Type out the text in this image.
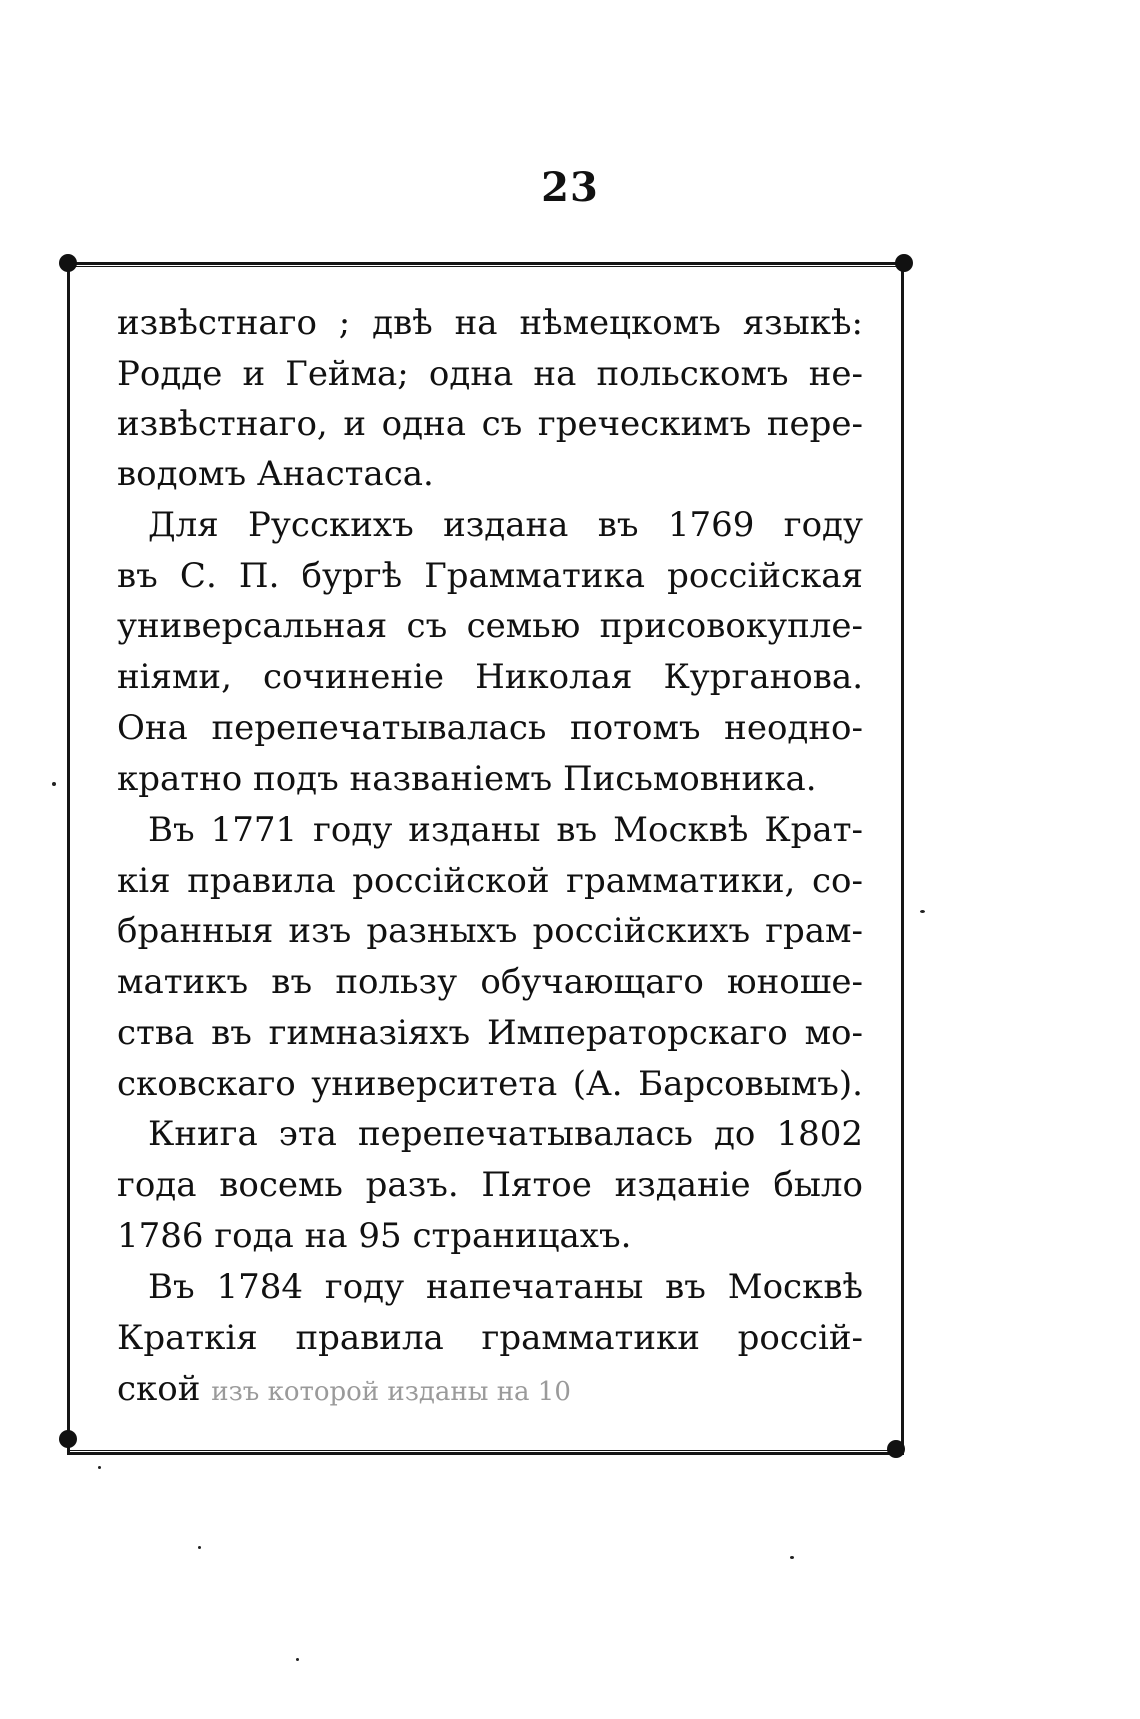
23
извѣстнаго ; двѣ на нѣмецкомъ языкѣ:
Родде и Гейма; одна на польскомъ не-
извѣстнаго, и одна съ греческимъ пере-
водомъ Анастаса.
Для Русскихъ издана въ 1769 году
въ С. П. бургѣ Грамматика россійская
универсальная съ семью присовокупле-
ніями, сочиненіе Николая Курганова.
Она перепечатывалась потомъ неодно-
кратно подъ названіемъ Письмовника.
Въ 1771 году изданы въ Москвѣ Крат-
кія правила россійской грамматики, со-
бранныя изъ разныхъ россійскихъ грам-
матикъ въ пользу обучающаго юноше-
ства въ гимназіяхъ Императорскаго мо-
сковскаго университета (А. Барсовымъ).
Книга эта перепечатывалась до 1802
года восемь разъ. Пятое изданіе было
1786 года на 95 страницахъ.
Въ 1784 году напечатаны въ Москвѣ
Краткія правила грамматики россій-
ской изъ которой изданы на 10
